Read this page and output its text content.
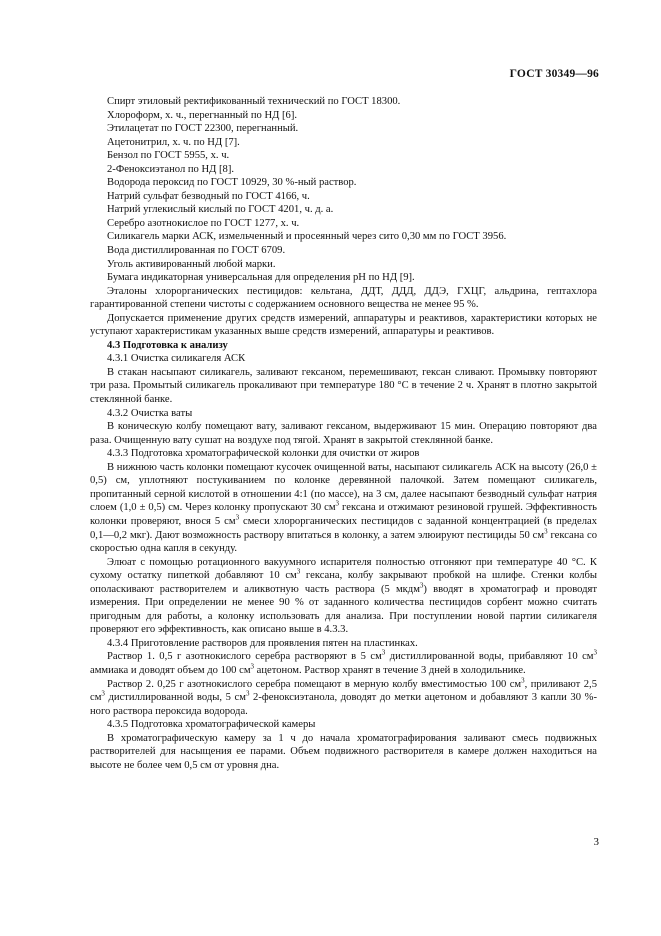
ГОСТ 30349—96
Спирт этиловый ректификованный технический по ГОСТ 18300.
Хлороформ, х. ч., перегнанный по НД [6].
Этилацетат по ГОСТ 22300, перегнанный.
Ацетонитрил, х. ч. по НД [7].
Бензол по ГОСТ 5955, х. ч.
2-Феноксиэтанол по НД [8].
Водорода пероксид по ГОСТ 10929, 30 %-ный раствор.
Натрий сульфат безводный по ГОСТ 4166, ч.
Натрий углекислый кислый по ГОСТ 4201, ч. д. а.
Серебро азотнокислое по ГОСТ 1277, х. ч.
Силикагель марки АСК, измельченный и просеянный через сито 0,30 мм по ГОСТ 3956.
Вода дистиллированная по ГОСТ 6709.
Уголь активированный любой марки.
Бумага индикаторная универсальная для определения pH по НД [9].

Эталоны хлорорганических пестицидов: кельтана, ДДТ, ДДД, ДДЭ, ГХЦГ, альдрина, гептахлора гарантированной степени чистоты с содержанием основного вещества не менее 95 %.

Допускается применение других средств измерений, аппаратуры и реактивов, характеристики которых не уступают характеристикам указанных выше средств измерений, аппаратуры и реактивов.

4.3 Подготовка к анализу

4.3.1 Очистка силикагеля АСК

В стакан насыпают силикагель, заливают гексаном, перемешивают, гексан сливают. Промывку повторяют три раза. Промытый силикагель прокаливают при температуре 180 °С в течение 2 ч. Хранят в плотно закрытой стеклянной банке.

4.3.2 Очистка ваты

В коническую колбу помещают вату, заливают гексаном, выдерживают 15 мин. Операцию повторяют два раза. Очищенную вату сушат на воздухе под тягой. Хранят в закрытой стеклянной банке.

4.3.3 Подготовка хроматографической колонки для очистки от жиров

В нижнюю часть колонки помещают кусочек очищенной ваты, насыпают силикагель АСК на высоту (26,0 ± 0,5) см, уплотняют постукиванием по колонке деревянной палочкой. Затем помещают силикагель, пропитанный серной кислотой в отношении 4:1 (по массе), на 3 см, далее насыпают безводный сульфат натрия слоем (1,0 ± 0,5) см. Через колонку пропускают 30 $см^3$ гексана и отжимают резиновой грушей. Эффективность колонки проверяют, внося 5 $см^3$ смеси хлорорганических пестицидов с заданной концентрацией (в пределах 0,1—0,2 мкг). Дают возможность раствору впитаться в колонку, а затем элюируют пестициды 50 $см^3$ гексана со скоростью одна капля в секунду.

Элюат с помощью ротационного вакуумного испарителя полностью отгоняют при температуре 40 °С. К сухому остатку пипеткой добавляют 10 $см^3$ гексана, колбу закрывают пробкой на шлифе. Стенки колбы ополаскивают растворителем и аликвотную часть раствора (5 мкдм$^3$) вводят в хроматограф и проводят измерения. При определении не менее 90 % от заданного количества пестицидов сорбент можно считать пригодным для работы, а колонку использовать для анализа. При поступлении новой партии силикагеля проверяют его эффективность, как описано выше в 4.3.3.

4.3.4 Приготовление растворов для проявления пятен на пластинках.

Раствор 1. 0,5 г азотнокислого серебра растворяют в 5 $см^3$ дистиллированной воды, прибавляют 10 $см^3$ аммиака и доводят объем до 100 $см^3$ ацетоном. Раствор хранят в течение 3 дней в холодильнике.

Раствор 2. 0,25 г азотнокислого серебра помещают в мерную колбу вместимостью 100 $см^3$, приливают 2,5 $см^3$ дистиллированной воды, 5 $см^3$ 2-феноксиэтанола, доводят до метки ацетоном и добавляют 3 капли 30 %-ного раствора пероксида водорода.

4.3.5 Подготовка хроматографической камеры

В хроматографическую камеру за 1 ч до начала хроматографирования заливают смесь подвижных растворителей для насыщения ее парами. Объем подвижного растворителя в камере должен находиться на высоте не более чем 0,5 см от уровня дна.

3
